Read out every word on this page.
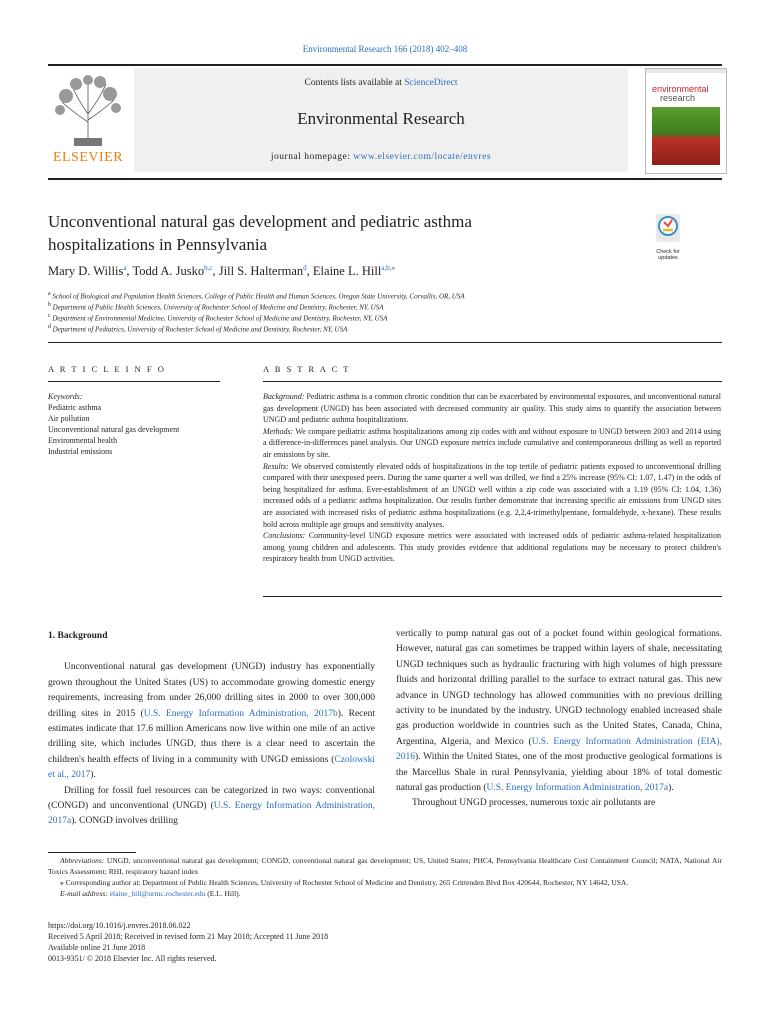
Environmental Research 166 (2018) 402–408
Contents lists available at ScienceDirect
Environmental Research
journal homepage: www.elsevier.com/locate/envres
ELSEVIER
environmental
research
Unconventional natural gas development and pediatric asthma
hospitalizations in Pennsylvania	Check for
updates
Mary D. Willis$^a$, Todd A. Jusko$^{b,c}$, Jill S. Halterman$^d$, Elaine L. Hill$^{a,b,⁎}$
$^a$ School of Biological and Population Health Sciences, College of Public Health and Human Sciences, Oregon State University, Corvallis, OR, USA
$^b$ Department of Public Health Sciences, University of Rochester School of Medicine and Dentistry, Rochester, NY, USA
$^c$ Department of Environmental Medicine, University of Rochester School of Medicine and Dentistry, Rochester, NY, USA
$^d$ Department of Pediatrics, University of Rochester School of Medicine and Dentistry, Rochester, NY, USA
A R T I C L E I N F O	A B S T R A C T
Keywords:
Pediatric asthma
Air pollution
Unconventional natural gas development
Environmental health
Industrial emissions

Background: Pediatric asthma is a common chronic condition that can be exacerbated by environmental exposures, and unconventional natural gas development (UNGD) has been associated with decreased community air quality. This study aims to quantify the association between UNGD and pediatric asthma hospitalizations.

Methods: We compare pediatric asthma hospitalizations among zip codes with and without exposure to UNGD between 2003 and 2014 using a difference-in-differences panel analysis. Our UNGD exposure metrics include cumulative and contemporaneous drilling as well as reported air emissions by site.

Results: We observed consistently elevated odds of hospitalizations in the top tertile of pediatric patients exposed to unconventional drilling compared with their unexposed peers. During the same quarter a well was drilled, we find a 25% increase (95% CI: 1.07, 1.47) in the odds of being hospitalized for asthma. Ever-establishment of an UNGD well within a zip code was associated with a 1.19 (95% CI: 1.04, 1.36) increased odds of a pediatric asthma hospitalization. Our results further demonstrate that increasing specific air emissions from UNGD sites are associated with increased risks of pediatric asthma hospitalizations (e.g. 2,2,4-trimethylpentane, formaldehyde, x-hexane). These results hold across multiple age groups and sensitivity analyses.

Conclusions: Community-level UNGD exposure metrics were associated with increased odds of pediatric asthma-related hospitalization among young children and adolescents. This study provides evidence that additional regulations may be necessary to protect children's respiratory health from UNGD activities.

1. Background

Unconventional natural gas development (UNGD) industry has exponentially grown throughout the United States (US) to accommodate growing domestic energy requirements, increasing from under 26,000 drilling sites in 2000 to over 300,000 drilling sites in 2015 (U.S. Energy Information Administration, 2017b). Recent estimates indicate that 17.6 million Americans now live within one mile of an active drilling site, which includes UNGD, thus there is a clear need to ascertain the children's health effects of living in a community with UNGD emissions (Czolowski et al., 2017).

Drilling for fossil fuel resources can be categorized in two ways: conventional (CONGD) and unconventional (UNGD) (U.S. Energy Information Administration, 2017a). CONGD involves drilling

vertically to pump natural gas out of a pocket found within geological formations. However, natural gas can sometimes be trapped within layers of shale, necessitating UNGD techniques such as hydraulic fracturing with high volumes of high pressure fluids and horizontal drilling parallel to the surface to extract natural gas. This new advance in UNGD technology has allowed communities with no previous drilling activity to be inundated by the industry. UNGD technology enabled increased shale gas production worldwide in countries such as the United States, Canada, China, Argentina, Algeria, and Mexico (U.S. Energy Information Administration (EIA), 2016). Within the United States, one of the most productive geological formations is the Marcellus Shale in rural Pennsylvania, yielding about 18% of total domestic natural gas production (U.S. Energy Information Administration, 2017a).

Throughout UNGD processes, numerous toxic air pollutants are

Abbreviations: UNGD, unconventional natural gas development; CONGD, conventional natural gas development; US, United States; PHC4, Pennsylvania Healthcare Cost Containment Council; NATA, National Air Toxics Assessment; RHI, respiratory hazard index

⁎ Corresponding author at: Department of Public Health Sciences, University of Rochester School of Medicine and Dentistry, 265 Crittenden Blvd Box 420644, Rochester, NY 14642, USA.

E-mail address: elaine_hill@urmc.rochester.edu (E.L. Hill).

https://doi.org/10.1016/j.envres.2018.06.022
Received 5 April 2018; Received in revised form 21 May 2018; Accepted 11 June 2018
Available online 21 June 2018
0013-9351/ © 2018 Elsevier Inc. All rights reserved.
